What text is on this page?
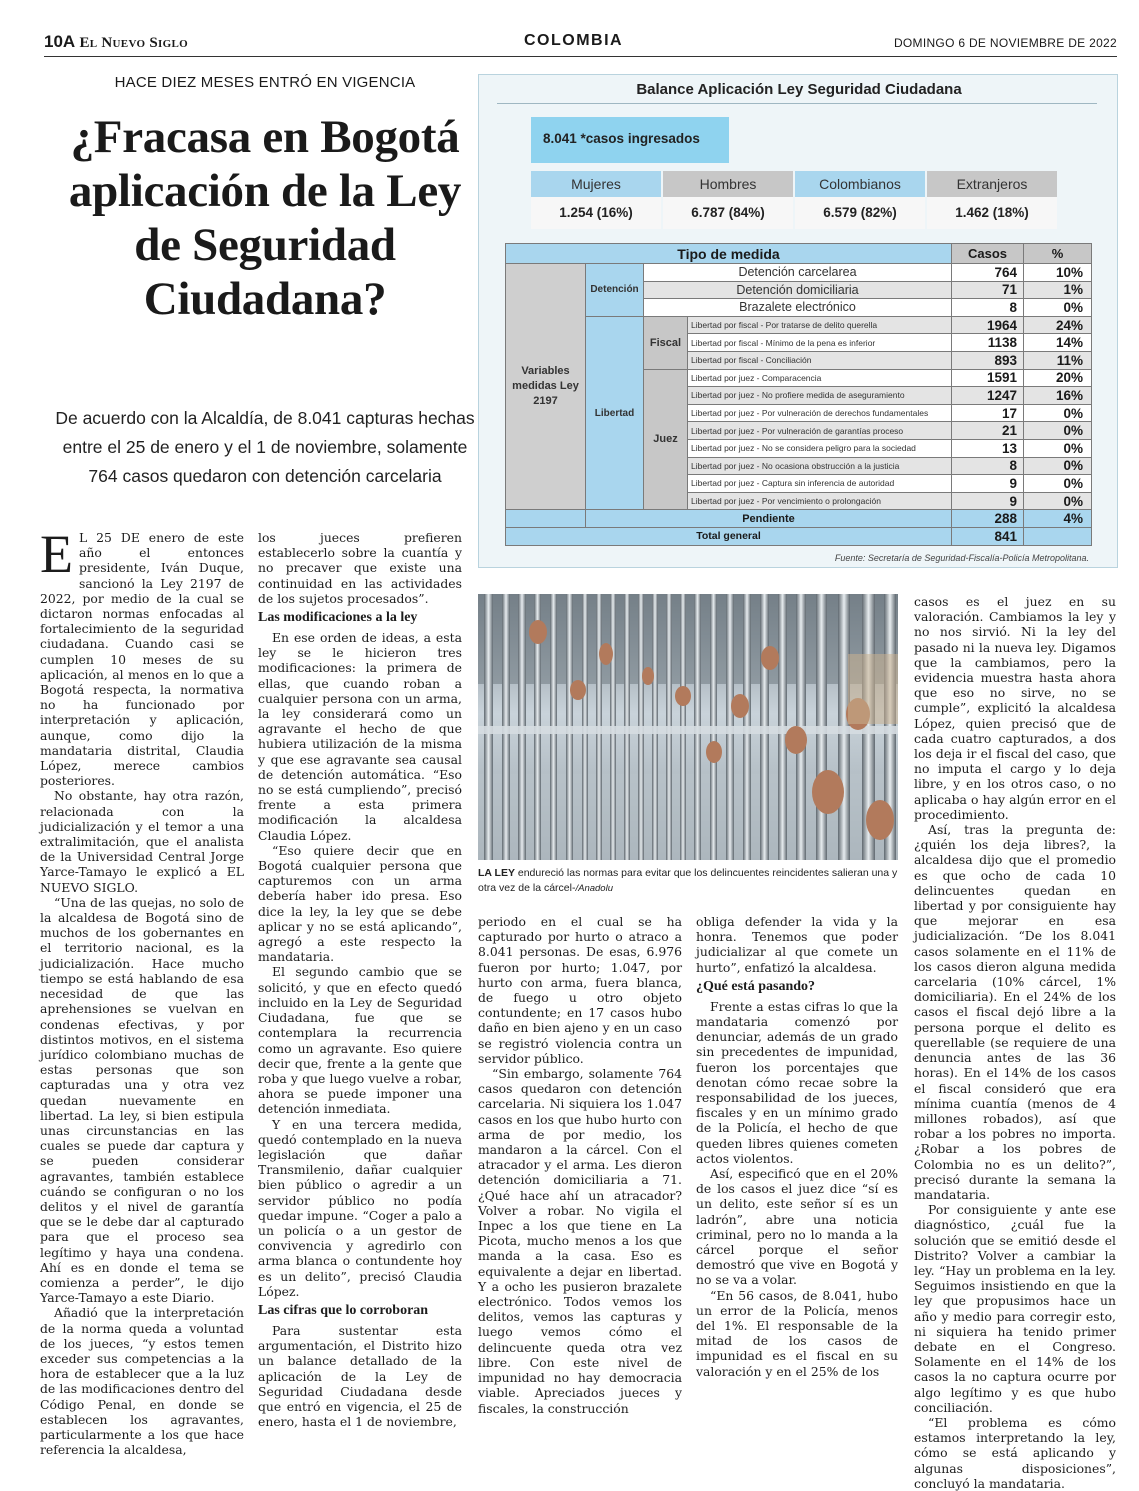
10A El Nuevo Siglo	COLOMBIA	DOMINGO 6 DE NOVIEMBRE DE 2022
HACE DIEZ MESES ENTRÓ EN VIGENCIA
¿Fracasa en Bogotá aplicación de la Ley de Seguridad Ciudadana?
De acuerdo con la Alcaldía, de 8.041 capturas hechas entre el 25 de enero y el 1 de noviembre, solamente 764 casos quedaron con detención carcelaria
Balance Aplicación Ley Seguridad Ciudadana
8.041 *casos ingresados
Mujeres
1.254 (16%)
Hombres
6.787 (84%)
Colombianos
6.579 (82%)
Extranjeros
1.462 (18%)
Tipo de medida				Casos	%
Variables medidas Ley 2197	Detención	Detención carcelarea		764	10%
		Detención domiciliaria		71	1%
		Brazalete electrónico		8	0%
	Libertad	Fiscal	Libertad por fiscal - Por tratarse de delito querella	1964	24%
			Libertad por fiscal - Mínimo de la pena es inferior	1138	14%
			Libertad por fiscal - Conciliación	893	11%
		Juez	Libertad por juez - Comparacencia	1591	20%
			Libertad por juez - No profiere medida de aseguramiento	1247	16%
			Libertad por juez - Por vulneración de derechos fundamentales	17	0%
			Libertad por juez - Por vulneración de garantías proceso	21	0%
			Libertad por juez - No se considera peligro para la sociedad	13	0%
			Libertad por juez - No ocasiona obstrucción a la justicia	8	0%
			Libertad por juez - Captura sin inferencia de autoridad	9	0%
			Libertad por juez - Por vencimiento o prolongación	9	0%
	Pendiente			288	4%
Total general				841	
Fuente: Secretaría de Seguridad-Fiscalía-Policía Metropolitana.
LA LEY endureció las normas para evitar que los delincuentes reincidentes salieran una y otra vez de la cárcel-/Anadolu

E L 25 DE enero de este año el entonces presidente, Iván Duque, sancionó la Ley 2197 de 2022, por medio de la cual se dictaron normas enfocadas al fortalecimiento de la seguridad ciudadana. Cuando casi se cumplen 10 meses de su aplicación, al menos en lo que a Bogotá respecta, la normativa no ha funcionado por interpretación y aplicación, aunque, como dijo la mandataria distrital, Claudia López, merece cambios posteriores.

No obstante, hay otra razón, relacionada con la judicialización y el temor a una extralimitación, que el analista de la Universidad Central Jorge Yarce-Tamayo le explicó a EL NUEVO SIGLO.

“Una de las quejas, no solo de la alcaldesa de Bogotá sino de muchos de los gobernantes en el territorio nacional, es la judicialización. Hace mucho tiempo se está hablando de esa necesidad de que las aprehensiones se vuelvan en condenas efectivas, y por distintos motivos, en el sistema jurídico colombiano muchas de estas personas que son capturadas una y otra vez quedan nuevamente en libertad. La ley, si bien estipula unas circunstancias en las cuales se puede dar captura y se pueden considerar agravantes, también establece cuándo se configuran o no los delitos y el nivel de garantía que se le debe dar al capturado para que el proceso sea legítimo y haya una condena. Ahí es en donde el tema se comienza a perder”, le dijo Yarce-Tamayo a este Diario.

Añadió que la interpretación de la norma queda a voluntad de los jueces, “y estos temen exceder sus competencias a la hora de establecer que a la luz de las modificaciones dentro del Código Penal, en donde se establecen los agravantes, particularmente a los que hace referencia la alcaldesa,

los jueces prefieren establecerlo sobre la cuantía y no precaver que existe una continuidad en las actividades de los sujetos procesados”.

Las modificaciones a la ley

En ese orden de ideas, a esta ley se le hicieron tres modificaciones: la primera de ellas, que cuando roban a cualquier persona con un arma, la ley considerará como un agravante el hecho de que hubiera utilización de la misma y que ese agravante sea causal de detención automática. “Eso no se está cumpliendo”, precisó frente a esta primera modificación la alcaldesa Claudia López.

“Eso quiere decir que en Bogotá cualquier persona que capturemos con un arma debería haber ido presa. Eso dice la ley, la ley que se debe aplicar y no se está aplicando”, agregó a este respecto la mandataria.

El segundo cambio que se solicitó, y que en efecto quedó incluido en la Ley de Seguridad Ciudadana, fue que se contemplara la recurrencia como un agravante. Eso quiere decir que, frente a la gente que roba y que luego vuelve a robar, ahora se puede imponer una detención inmediata.

Y en una tercera medida, quedó contemplado en la nueva legislación que dañar Transmilenio, dañar cualquier bien público o agredir a un servidor público no podía quedar impune. “Coger a palo a un policía o a un gestor de convivencia y agredirlo con arma blanca o contundente hoy es un delito”, precisó Claudia López.

Las cifras que lo corroboran

Para sustentar esta argumentación, el Distrito hizo un balance detallado de la aplicación de la Ley de Seguridad Ciudadana desde que entró en vigencia, el 25 de enero, hasta el 1 de noviembre,

periodo en el cual se ha capturado por hurto o atraco a 8.041 personas. De esas, 6.976 fueron por hurto; 1.047, por hurto con arma, fuera blanca, de fuego u otro objeto contundente; en 17 casos hubo daño en bien ajeno y en un caso se registró violencia contra un servidor público.

“Sin embargo, solamente 764 casos quedaron con detención carcelaria. Ni siquiera los 1.047 casos en los que hubo hurto con arma de por medio, los mandaron a la cárcel. Con el atracador y el arma. Les dieron detención domiciliaria a 71. ¿Qué hace ahí un atracador? Volver a robar. No vigila el Inpec a los que tiene en La Picota, mucho menos a los que manda a la casa. Eso es equivalente a dejar en libertad. Y a ocho les pusieron brazalete electrónico. Todos vemos los delitos, vemos las capturas y luego vemos cómo el delincuente queda otra vez libre. Con este nivel de impunidad no hay democracia viable. Apreciados jueces y fiscales, la construcción

obliga defender la vida y la honra. Tenemos que poder judicializar al que comete un hurto”, enfatizó la alcaldesa.

¿Qué está pasando?

Frente a estas cifras lo que la mandataria comenzó por denunciar, además de un grado sin precedentes de impunidad, fueron los porcentajes que denotan cómo recae sobre la responsabilidad de los jueces, fiscales y en un mínimo grado de la Policía, el hecho de que queden libres quienes cometen actos violentos.

Así, especificó que en el 20% de los casos el juez dice “sí es un delito, este señor sí es un ladrón”, abre una noticia criminal, pero no lo manda a la cárcel porque el señor demostró que vive en Bogotá y no se va a volar.

“En 56 casos, de 8.041, hubo un error de la Policía, menos del 1%. El responsable de la mitad de los casos de impunidad es el fiscal en su valoración y en el 25% de los

casos es el juez en su valoración. Cambiamos la ley y no nos sirvió. Ni la ley del pasado ni la nueva ley. Digamos que la cambiamos, pero la evidencia muestra hasta ahora que eso no sirve, no se cumple”, explicitó la alcaldesa López, quien precisó que de cada cuatro capturados, a dos los deja ir el fiscal del caso, que no imputa el cargo y lo deja libre, y en los otros caso, o no aplicaba o hay algún error en el procedimiento.

Así, tras la pregunta de: ¿quién los deja libres?, la alcaldesa dijo que el promedio es que ocho de cada 10 delincuentes quedan en libertad y por consiguiente hay que mejorar en esa judicialización. “De los 8.041 casos solamente en el 11% de los casos dieron alguna medida carcelaria (10% cárcel, 1% domiciliaria). En el 24% de los casos el fiscal dejó libre a la persona porque el delito es querellable (se requiere de una denuncia antes de las 36 horas). En el 14% de los casos el fiscal consideró que era mínima cuantía (menos de 4 millones robados), así que robar a los pobres no importa. ¿Robar a los pobres de Colombia no es un delito?”, precisó durante la semana la mandataria.

Por consiguiente y ante ese diagnóstico, ¿cuál fue la solución que se emitió desde el Distrito? Volver a cambiar la ley. “Hay un problema en la ley. Seguimos insistiendo en que la ley que propusimos hace un año y medio para corregir esto, ni siquiera ha tenido primer debate en el Congreso. Solamente en el 14% de los casos la no captura ocurre por algo legítimo y es que hubo conciliación.

“El problema es cómo estamos interpretando la ley, cómo se está aplicando y algunas disposiciones”, concluyó la mandataria.
